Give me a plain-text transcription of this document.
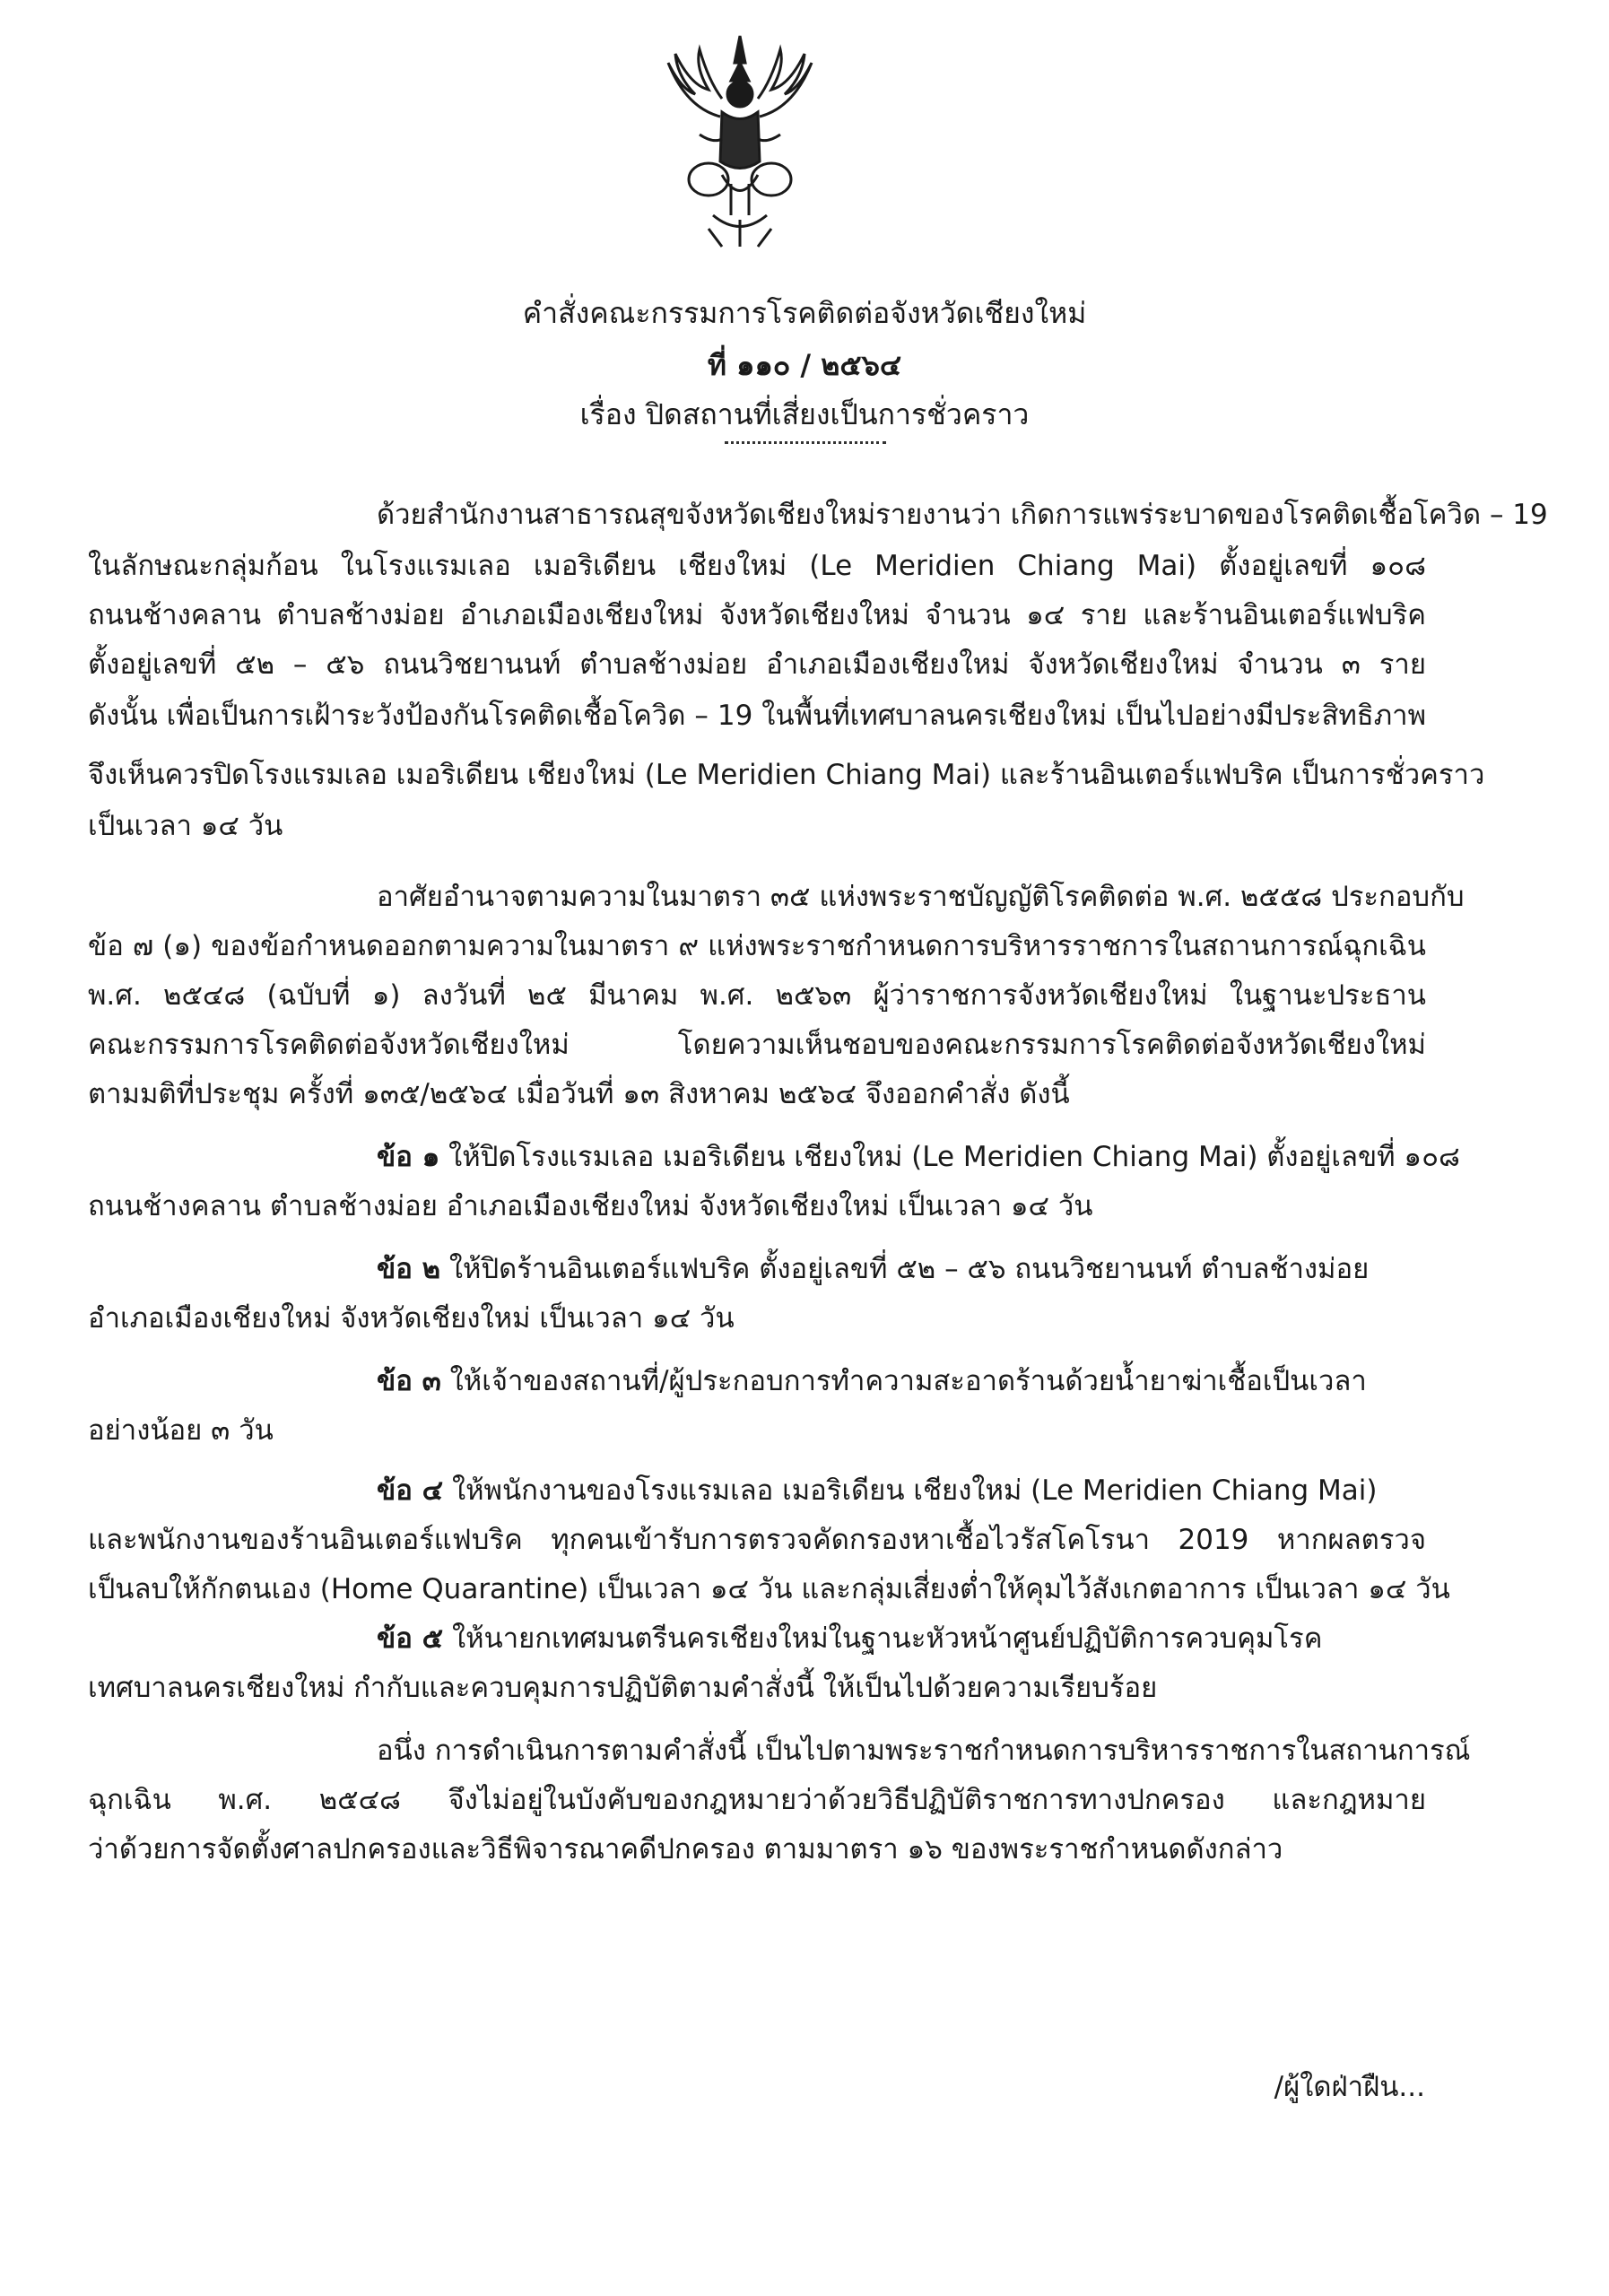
คำสั่งคณะกรรมการโรคติดต่อจังหวัดเชียงใหม่
ที่ ๑๑๐ / ๒๕๖๔
เรื่อง ปิดสถานที่เสี่ยงเป็นการชั่วคราว
ด้วยสำนักงานสาธารณสุขจังหวัดเชียงใหม่รายงานว่า เกิดการแพร่ระบาดของโรคติดเชื้อโควิด – 19
ในลักษณะกลุ่มก้อน ในโรงแรมเลอ เมอริเดียน เชียงใหม่ (Le Meridien Chiang Mai) ตั้งอยู่เลขที่ ๑๐๘
ถนนช้างคลาน ตำบลช้างม่อย อำเภอเมืองเชียงใหม่ จังหวัดเชียงใหม่ จำนวน ๑๔ ราย และร้านอินเตอร์แฟบริค
ตั้งอยู่เลขที่ ๕๒ – ๕๖ ถนนวิชยานนท์ ตำบลช้างม่อย อำเภอเมืองเชียงใหม่ จังหวัดเชียงใหม่ จำนวน ๓ ราย
ดังนั้น เพื่อเป็นการเฝ้าระวังป้องกันโรคติดเชื้อโควิด – 19 ในพื้นที่เทศบาลนครเชียงใหม่ เป็นไปอย่างมีประสิทธิภาพ
จึงเห็นควรปิดโรงแรมเลอ เมอริเดียน เชียงใหม่ (Le Meridien Chiang Mai) และร้านอินเตอร์แฟบริค เป็นการชั่วคราว
เป็นเวลา ๑๔ วัน
อาศัยอำนาจตามความในมาตรา ๓๕ แห่งพระราชบัญญัติโรคติดต่อ พ.ศ. ๒๕๕๘ ประกอบกับ
ข้อ ๗ (๑) ของข้อกำหนดออกตามความในมาตรา ๙ แห่งพระราชกำหนดการบริหารราชการในสถานการณ์ฉุกเฉิน
พ.ศ. ๒๕๔๘ (ฉบับที่ ๑) ลงวันที่ ๒๕ มีนาคม พ.ศ. ๒๕๖๓ ผู้ว่าราชการจังหวัดเชียงใหม่ ในฐานะประธาน
คณะกรรมการโรคติดต่อจังหวัดเชียงใหม่ โดยความเห็นชอบของคณะกรรมการโรคติดต่อจังหวัดเชียงใหม่
ตามมติที่ประชุม ครั้งที่ ๑๓๕/๒๕๖๔ เมื่อวันที่ ๑๓ สิงหาคม ๒๕๖๔ จึงออกคำสั่ง ดังนี้
ข้อ ๑ ให้ปิดโรงแรมเลอ เมอริเดียน เชียงใหม่ (Le Meridien Chiang Mai) ตั้งอยู่เลขที่ ๑๐๘
ถนนช้างคลาน ตำบลช้างม่อย อำเภอเมืองเชียงใหม่ จังหวัดเชียงใหม่ เป็นเวลา ๑๔ วัน
ข้อ ๒ ให้ปิดร้านอินเตอร์แฟบริค ตั้งอยู่เลขที่ ๕๒ – ๕๖ ถนนวิชยานนท์ ตำบลช้างม่อย
อำเภอเมืองเชียงใหม่ จังหวัดเชียงใหม่ เป็นเวลา ๑๔ วัน
ข้อ ๓ ให้เจ้าของสถานที่/ผู้ประกอบการทำความสะอาดร้านด้วยน้ำยาฆ่าเชื้อเป็นเวลา
อย่างน้อย ๓ วัน
ข้อ ๔ ให้พนักงานของโรงแรมเลอ เมอริเดียน เชียงใหม่ (Le Meridien Chiang Mai)
และพนักงานของร้านอินเตอร์แฟบริค ทุกคนเข้ารับการตรวจคัดกรองหาเชื้อไวรัสโคโรนา 2019 หากผลตรวจ
เป็นลบให้กักตนเอง (Home Quarantine) เป็นเวลา ๑๔ วัน และกลุ่มเสี่ยงต่ำให้คุมไว้สังเกตอาการ เป็นเวลา ๑๔ วัน
ข้อ ๕ ให้นายกเทศมนตรีนครเชียงใหม่ในฐานะหัวหน้าศูนย์ปฏิบัติการควบคุมโรค
เทศบาลนครเชียงใหม่ กำกับและควบคุมการปฏิบัติตามคำสั่งนี้ ให้เป็นไปด้วยความเรียบร้อย
อนึ่ง การดำเนินการตามคำสั่งนี้ เป็นไปตามพระราชกำหนดการบริหารราชการในสถานการณ์
ฉุกเฉิน พ.ศ. ๒๕๔๘ จึงไม่อยู่ในบังคับของกฎหมายว่าด้วยวิธีปฏิบัติราชการทางปกครอง และกฎหมาย
ว่าด้วยการจัดตั้งศาลปกครองและวิธีพิจารณาคดีปกครอง ตามมาตรา ๑๖ ของพระราชกำหนดดังกล่าว
/ผู้ใดฝ่าฝืน...
